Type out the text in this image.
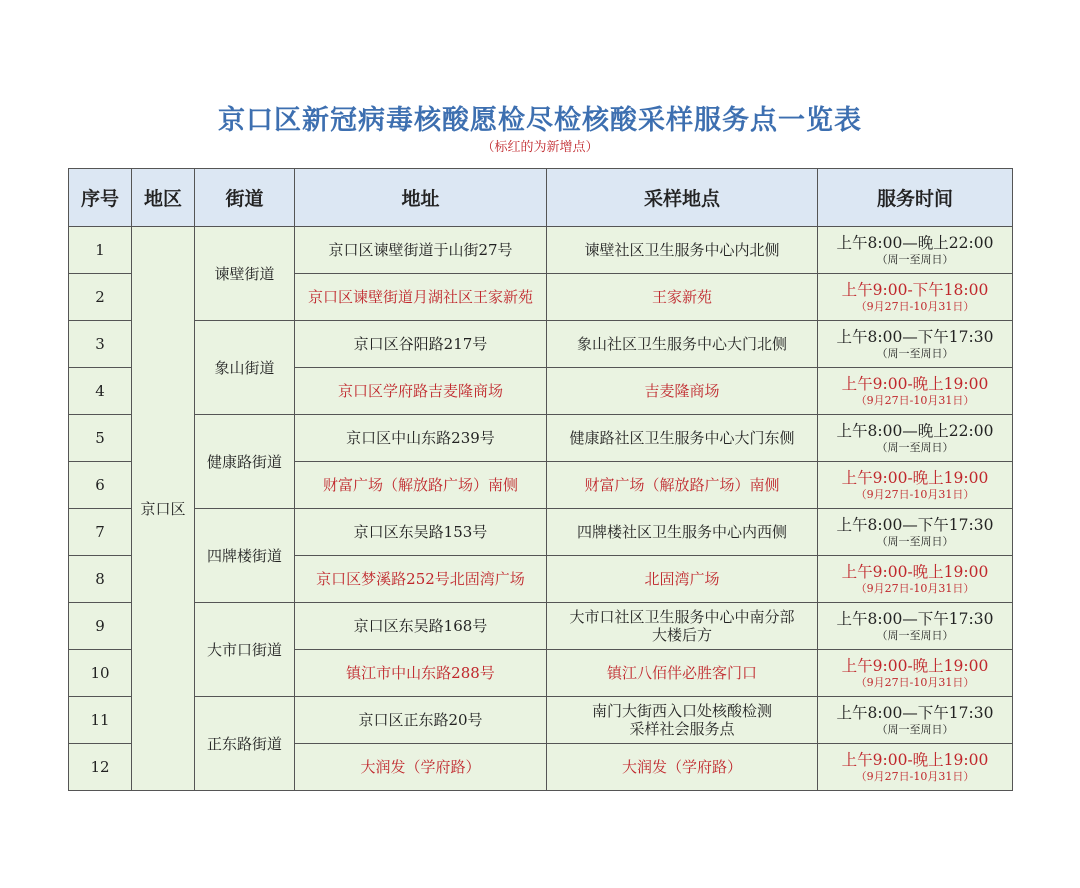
京口区新冠病毒核酸愿检尽检核酸采样服务点一览表
（标红的为新增点）
序号	地区	街道	地址	采样地点	服务时间
1	京口区	谏壁街道	京口区谏壁街道于山街27号	谏壁社区卫生服务中心内北侧	上午8:00—晚上22:00
（周一至周日）

2			京口区谏壁街道月湖社区王家新苑	王家新苑	上午9:00-下午18:00
（9月27日-10月31日）

3		象山街道	京口区谷阳路217号	象山社区卫生服务中心大门北侧	上午8:00—下午17:30
（周一至周日）

4			京口区学府路吉麦隆商场	吉麦隆商场	上午9:00-晚上19:00
（9月27日-10月31日）

5		健康路街道	京口区中山东路239号	健康路社区卫生服务中心大门东侧	上午8:00—晚上22:00
（周一至周日）

6			财富广场（解放路广场）南侧	财富广场（解放路广场）南侧	上午9:00-晚上19:00
（9月27日-10月31日）

7		四牌楼街道	京口区东吴路153号	四牌楼社区卫生服务中心内西侧	上午8:00—下午17:30
（周一至周日）

8			京口区梦溪路252号北固湾广场	北固湾广场	上午9:00-晚上19:00
（9月27日-10月31日）

9		大市口街道	京口区东吴路168号	大市口社区卫生服务中心中南分部
大楼后方	上午8:00—下午17:30
（周一至周日）

10			镇江市中山东路288号	镇江八佰伴必胜客门口	上午9:00-晚上19:00
（9月27日-10月31日）

11		正东路街道	京口区正东路20号	南门大街西入口处核酸检测
采样社会服务点	上午8:00—下午17:30
（周一至周日）

12			大润发（学府路）	大润发（学府路）	上午9:00-晚上19:00
（9月27日-10月31日）
